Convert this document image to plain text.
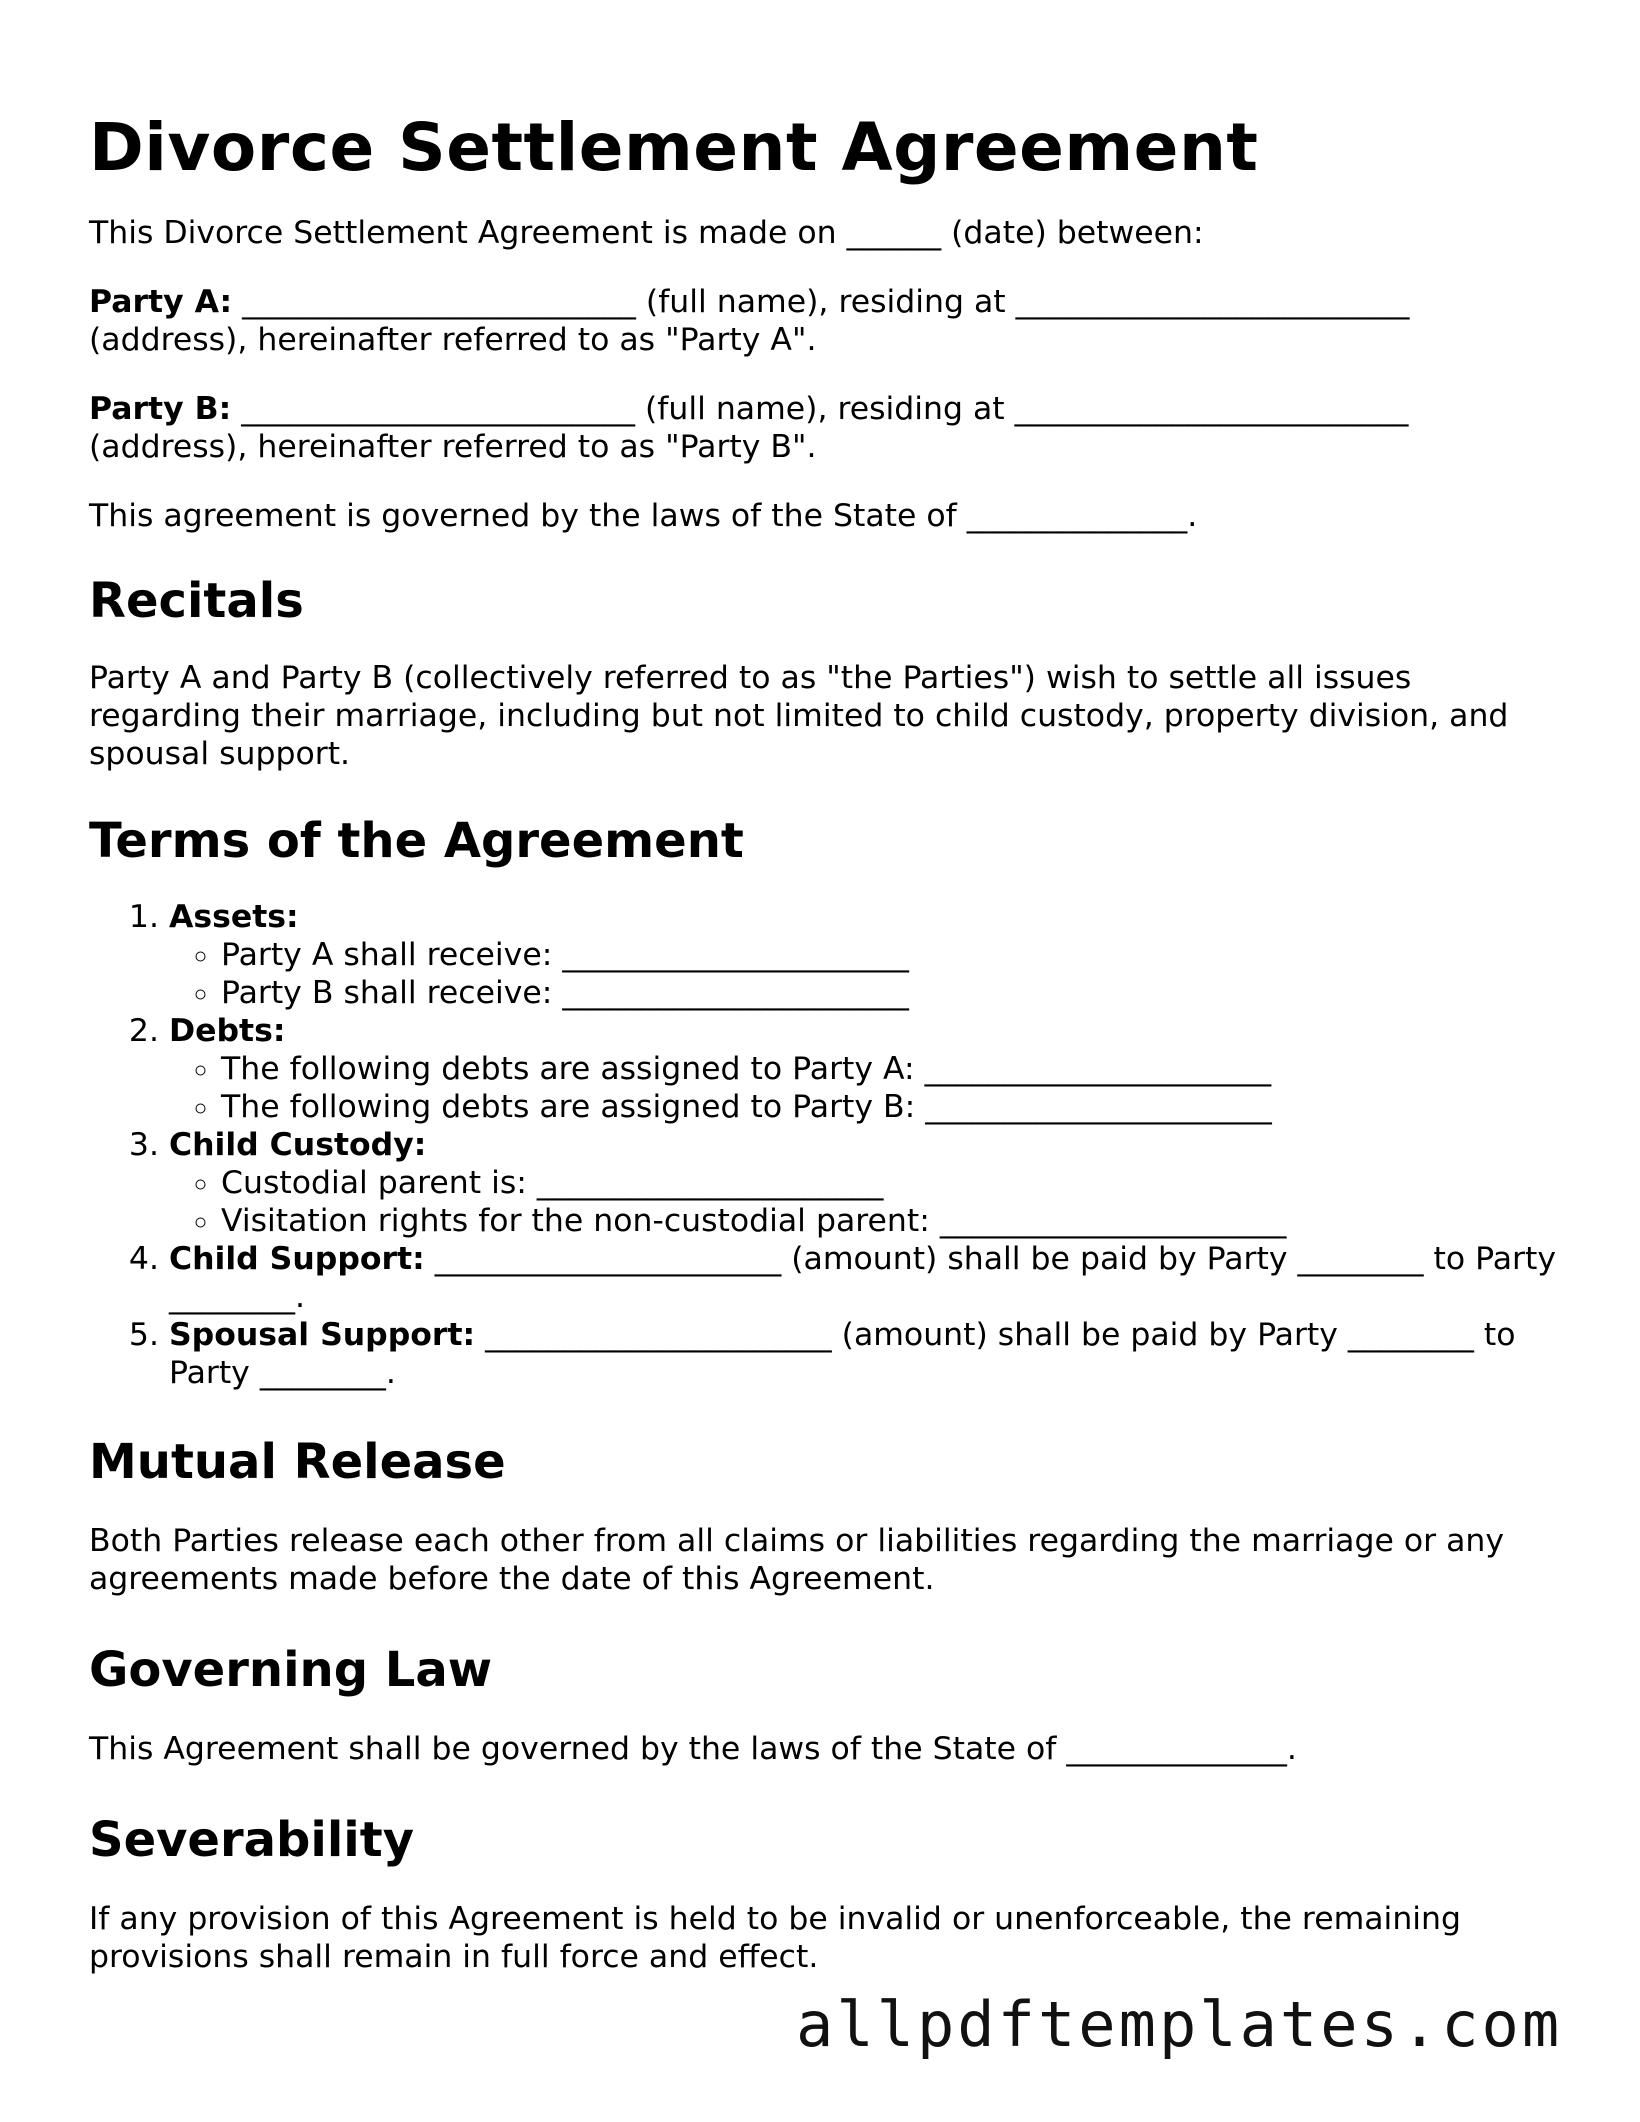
Divorce Settlement Agreement

This Divorce Settlement Agreement is made on ______ (date) between:

Party A: _________________________ (full name), residing at _________________________ (address), hereinafter referred to as "Party A".

Party B: _________________________ (full name), residing at _________________________ (address), hereinafter referred to as "Party B".

This agreement is governed by the laws of the State of ______________.

Recitals

Party A and Party B (collectively referred to as "the Parties") wish to settle all issues regarding their marriage, including but not limited to child custody, property division, and spousal support.

Terms of the Agreement
1. Assets:
◦ Party A shall receive: ______________________
◦ Party B shall receive: ______________________
2. Debts:
◦ The following debts are assigned to Party A: ______________________
◦ The following debts are assigned to Party B: ______________________
3. Child Custody:
◦ Custodial parent is: ______________________
◦ Visitation rights for the non-custodial parent: ______________________
4. Child Support: ______________________ (amount) shall be paid by Party ________ to Party ________.
5. Spousal Support: ______________________ (amount) shall be paid by Party ________ to Party ________.
Mutual Release

Both Parties release each other from all claims or liabilities regarding the marriage or any agreements made before the date of this Agreement.

Governing Law

This Agreement shall be governed by the laws of the State of ______________.

Severability

If any provision of this Agreement is held to be invalid or unenforceable, the remaining provisions shall remain in full force and effect.

allpdftemplates.com
